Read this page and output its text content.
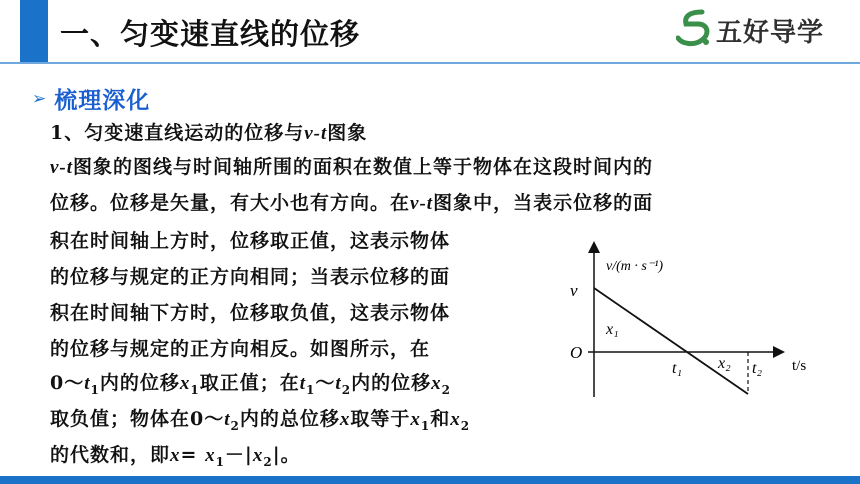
一、匀变速直线的位移	五好导学
➢ 梳理深化
1、匀变速直线运动的位移与v-t图象
v-t图象的图线与时间轴所围的面积在数值上等于物体在这段时间内的
位移。位移是矢量，有大小也有方向。在v-t图象中，当表示位移的面
积在时间轴上方时，位移取正值，这表示物体
的位移与规定的正方向相同；当表示位移的面
积在时间轴下方时，位移取负值，这表示物体
的位移与规定的正方向相反。如图所示，在
$0\sim t_1$内的位移$x_1$取正值；在$t_1\sim t_2$内的位移$x_2$
取负值；物体在$0\sim t_2$内的总位移x取等于$x_1$和$x_2$
的代数和，即$x= x_1-|x_2|$。
v/(m · s⁻¹)
t/s
v
O
x₁
t₁ x₂ t₂
